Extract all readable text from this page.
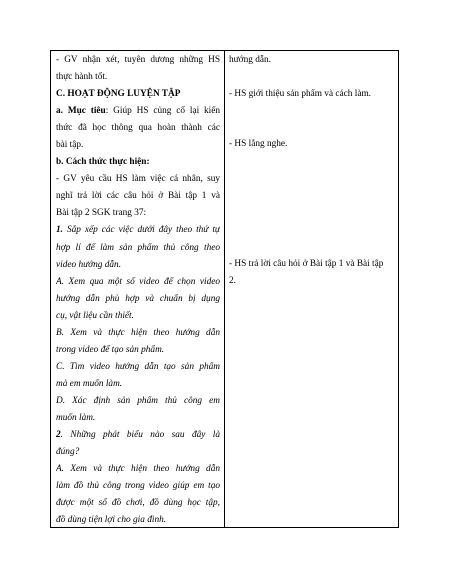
- GV nhận xét, tuyên dương những HS
thực hành tốt.
C. HOẠT ĐỘNG LUYỆN TẬP
a. Mục tiêu: Giúp HS củng cố lại kiến
thức đã học thông qua hoàn thành các
bài tập.
b. Cách thức thực hiện:
- GV yêu cầu HS làm việc cá nhân, suy
nghĩ trả lời các câu hỏi ở Bài tập 1 và
Bài tập 2 SGK trang 37:
1. Sắp xếp các việc dưới đây theo thứ tự
hợp lí để làm sản phẩm thủ công theo
video hướng dẫn.
A. Xem qua một số video để chọn video
hướng dẫn phù hợp và chuẩn bị dụng
cụ, vật liệu cần thiết.
B. Xem và thực hiện theo hướng dẫn
trong video để tạo sản phẩm.
C. Tìm video hướng dẫn tạo sản phẩm
mà em muốn làm.
D. Xác định sản phẩm thủ công em
muốn làm.
2. Những phát biểu nào sau đây là
đúng?
A. Xem và thực hiện theo hướng dẫn
làm đồ thủ công trong video giúp em tạo
được một số đồ chơi, đồ dùng học tập,
đồ dùng tiện lợi cho gia đình.
hướng dẫn.
- HS giới thiệu sản phẩm và cách làm.
- HS lắng nghe.
- HS trả lời câu hỏi ở Bài tập 1 và Bài tập
2.
